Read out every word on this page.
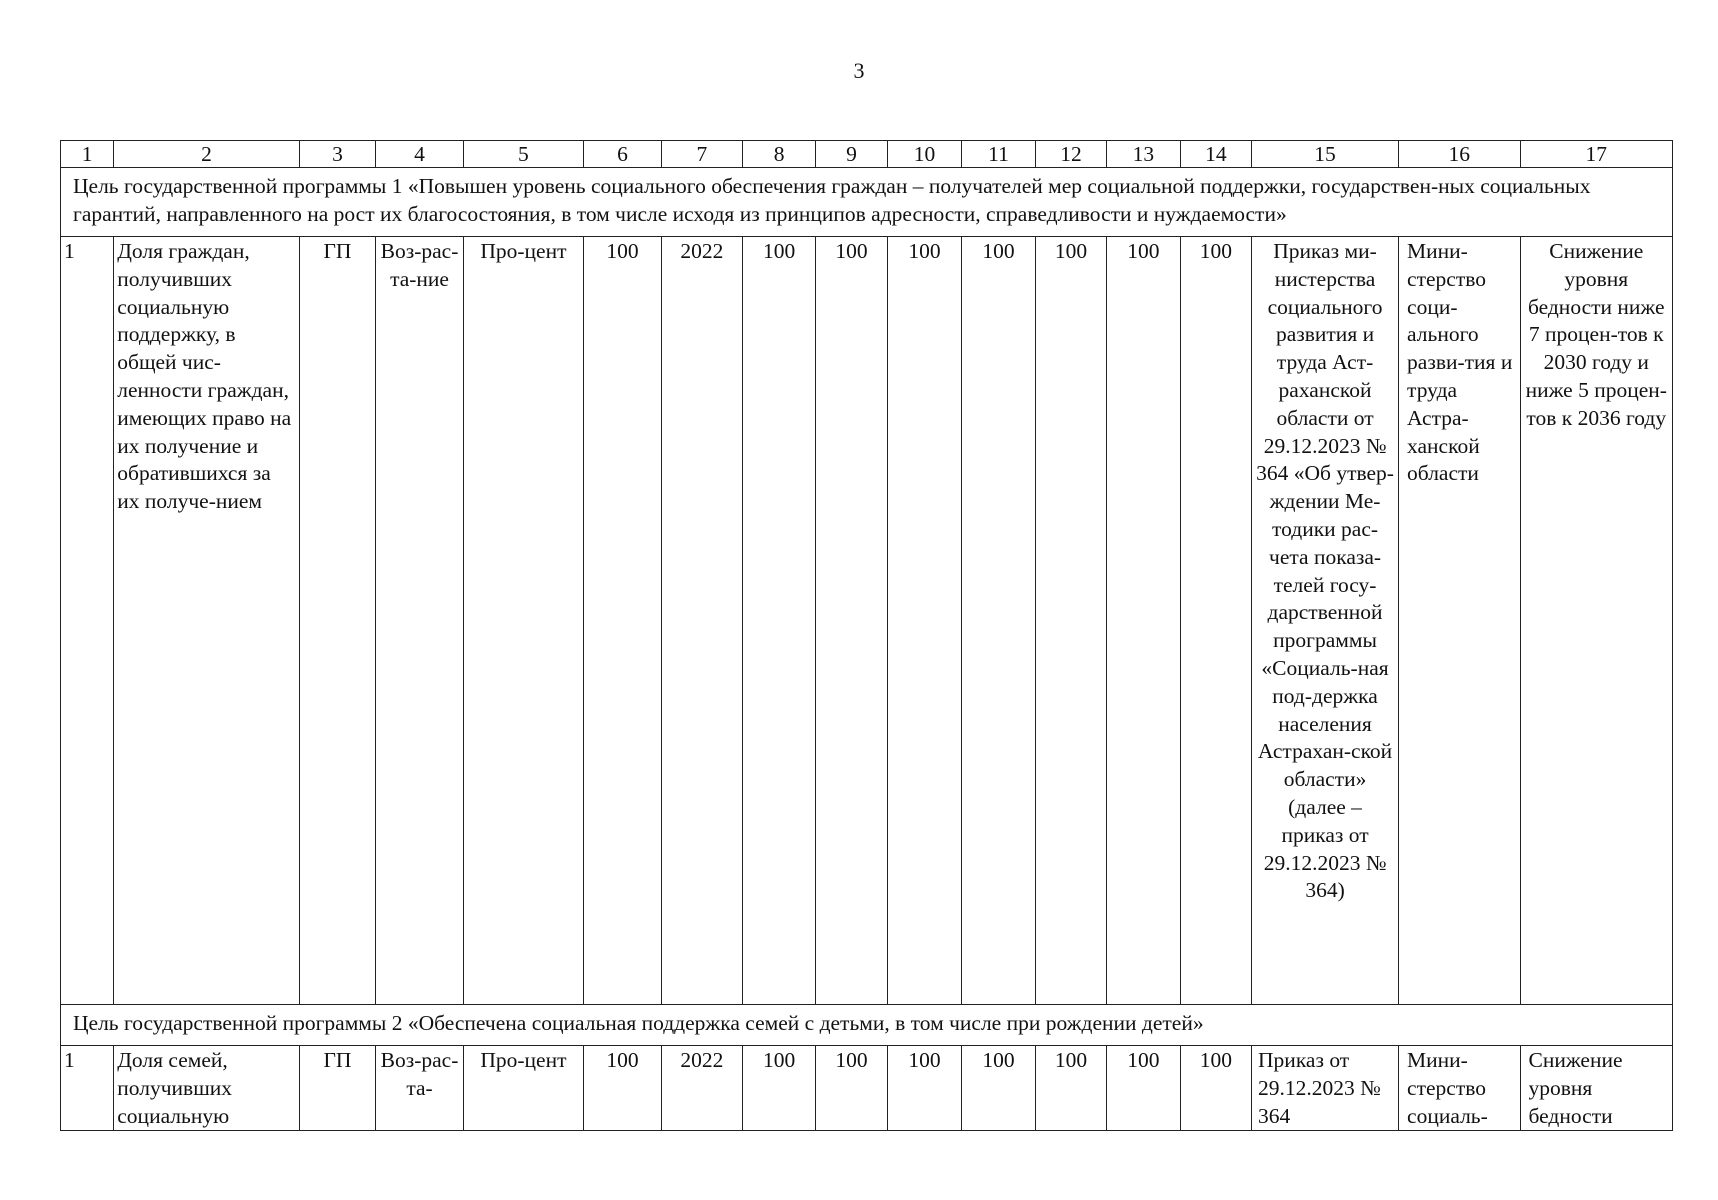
3
1	2	3	4	5	6	7	8	9	10	11	12	13	14	15	16	17
Цель государственной программы 1 «Повышен уровень социального обеспечения граждан – получателей мер социальной поддержки, государствен-ных социальных гарантий, направленного на рост их благосостояния, в том числе исходя из принципов адресности, справедливости и нуждаемости»																
1	Доля граждан, получивших социальную поддержку, в общей чис-ленности граждан, имеющих право на их получение и обратившихся за их получе-нием	ГП	Воз-рас-та-ние	Про-цент	100	2022	100	100	100	100	100	100	100	Приказ ми-нистерства социального развития и труда Аст-раханской области от 29.12.2023 № 364 «Об утвер-ждении Ме-тодики рас-чета показа-телей госу-дарственной программы «Социаль-ная под-держка населения Астрахан-ской области» (далее – приказ от 29.12.2023 № 364)	Мини-стерство соци-ального разви-тия и труда Астра-ханской области	Снижение уровня бедности ниже 7 процен-тов к 2030 году и ниже 5 процен-тов к 2036 году
Цель государственной программы 2 «Обеспечена социальная поддержка семей с детьми, в том числе при рождении детей»																

1	Доля семей, получивших социальную	ГП	Воз-рас-та-	Про-цент	100	2022	100	100	100	100	100	100	100	Приказ от 29.12.2023 № 364	Мини-стерство социаль-	Снижение уровня бедности
